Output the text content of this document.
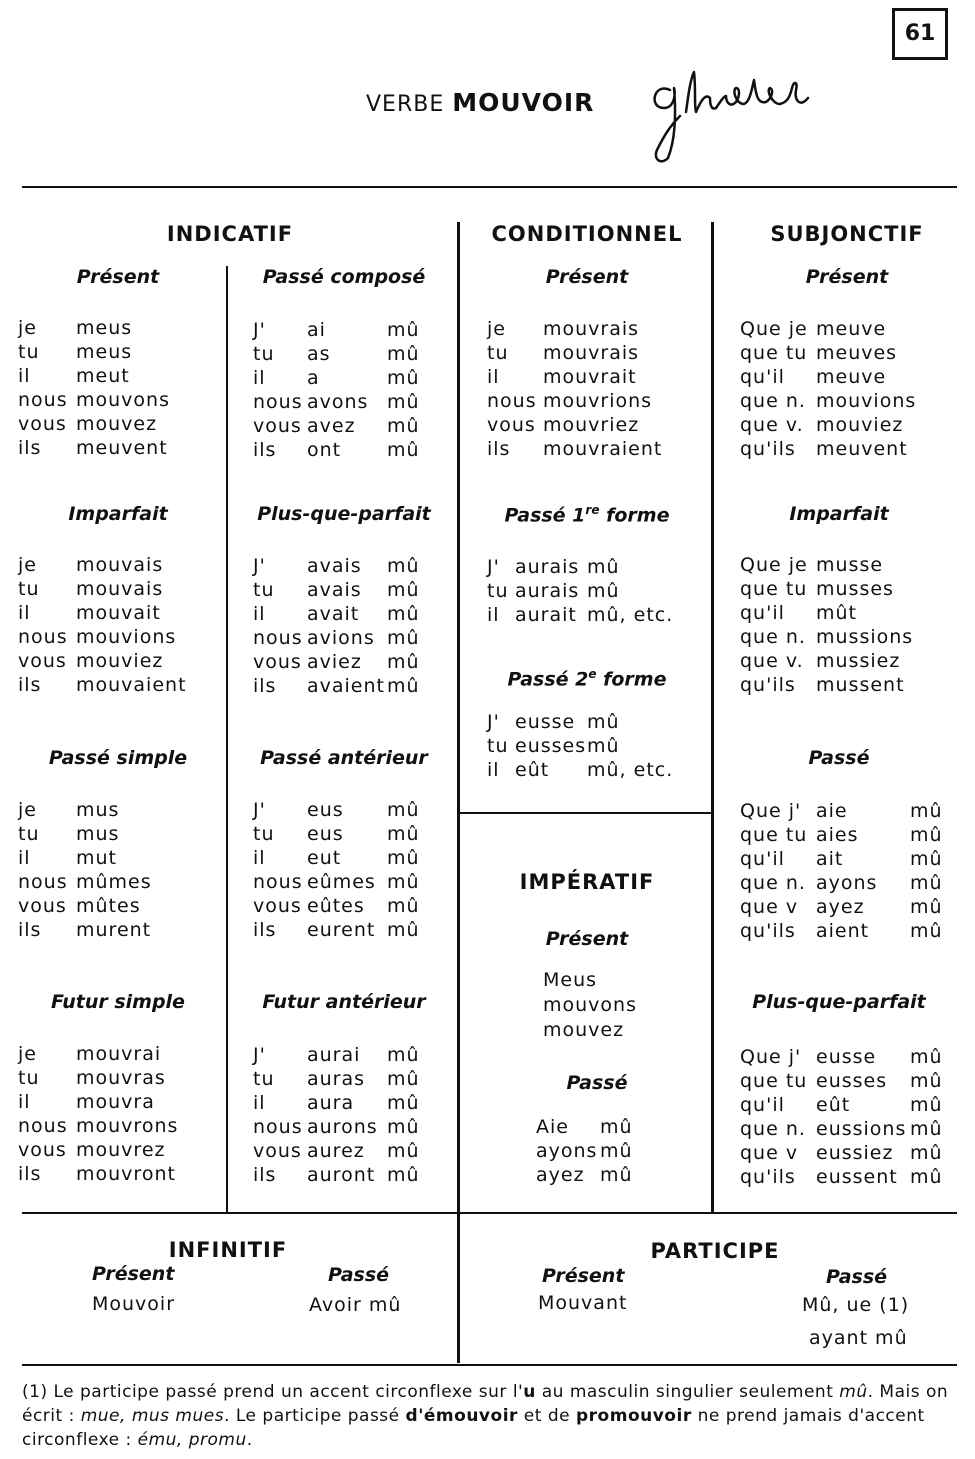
61
VERBE MOUVOIR
INDICATIF	CONDITIONNEL	SUBJONCTIF
Présent	Passé composé	Présent	Présent
Imparfait	Plus-que-parfait	Passé 1re forme	Imparfait
Passé 2e forme
Passé simple	Passé antérieur	Passé
Futur simple	Futur antérieur	Plus-que-parfait
IMPÉRATIF
Présent
Passé
je meus
tu meus
il meut
nous mouvons
vous mouvez
ils meuvent
J' ai	mû
tu as	mû
il a	mû
nous avons mû
vous avez mû
ils ont mû
je mouvrais
tu mouvrais
il mouvrait
nous mouvrions
vous mouvriez
ils mouvraient
Que je meuve
que tu meuves
qu'il meuve
que n. mouvions
que v. mouviez
qu'ils meuvent
je mouvais
tu mouvais
il mouvait
nous mouvions
vous mouviez
ils mouvaient
J' avais mû
tu avais mû
il avait mû
nous avions mû
vous aviez mû
ils avaient mû
J' aurais mû
tu aurais mû
il aurait mû, etc.
Que je musse
que tu musses
qu'il mût
que n. mussions
que v. mussiez
qu'ils mussent
J' eusse mû
tu eusses mû
il eût mû, etc.
je mus
tu mus
il mut
nous mûmes
vous mûtes
ils murent
J' eus mû
tu eus mû
il eut mû
nous eûmes mû
vous eûtes mû
ils eurent mû
Que j' aie	mû
que tu aies	mû
qu'il ait	mû
que n. ayons mû
que v ayez mû
qu'ils aient mû
Meus
mouvons
mouvez
je mouvrai
tu mouvras
il mouvra
nous mouvrons
vous mouvrez
ils mouvront
J' aurai mû
tu auras mû
il aura mû
nous aurons mû
vous aurez mû
ils auront mû
Que j' eusse mû
que tu eusses mû
qu'il eût	mû
que n. eussions mû
que v eussiez mû
qu'ils eussent mû
Aie mû
ayons mû
ayez mû
INFINITIF
Présent	Passé
Mouvoir	Avoir mû
PARTICIPE
Présent	Passé
Mouvant	Mû, ue (1)
ayant mû
(1) Le participe passé prend un accent circonflexe sur l'u au masculin singulier seulement mû. Mais on écrit : mue, mus mues. Le participe passé d'émouvoir et de promouvoir ne prend jamais d'accent circonflexe : ému, promu.
